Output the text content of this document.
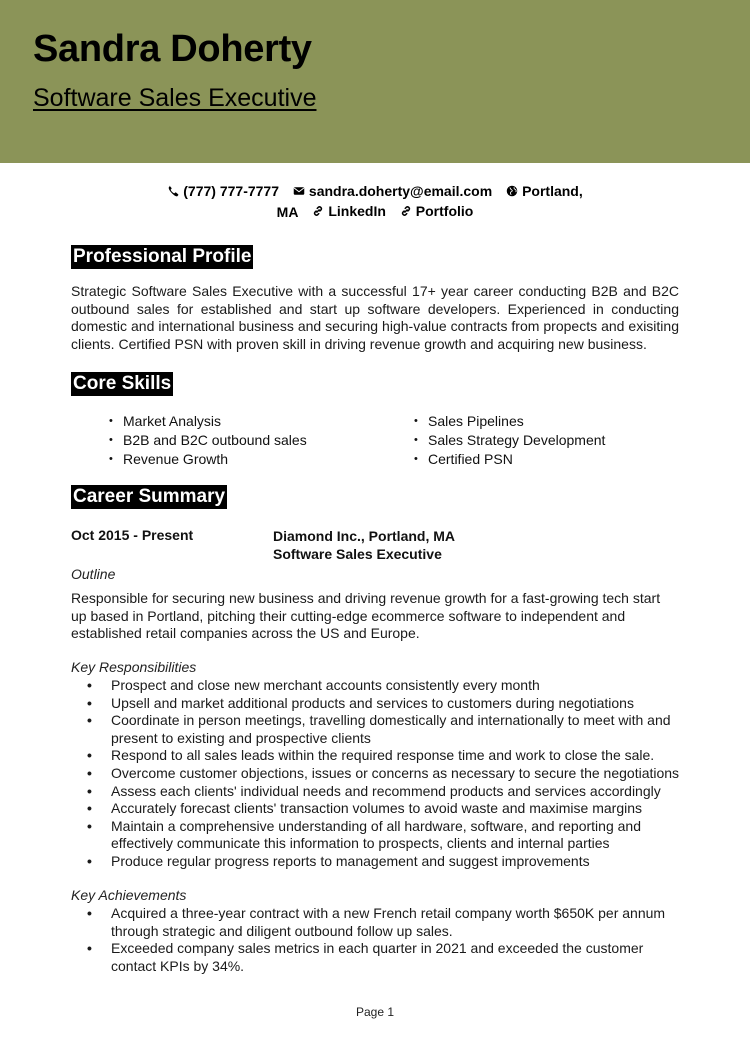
Sandra Doherty
Software Sales Executive
(777) 777-7777
sandra.doherty@email.com
Portland,
MA
LinkedIn
Portfolio
Professional Profile
Strategic Software Sales Executive with a successful 17+ year career conducting B2B and B2C outbound sales for established and start up software developers. Experienced in conducting domestic and international business and securing high-value contracts from propects and exisiting clients. Certified PSN with proven skill in driving revenue growth and acquiring new business.
Core Skills
• Market Analysis
• B2B and B2C outbound sales
• Revenue Growth
• Sales Pipelines
• Sales Strategy Development
• Certified PSN
Career Summary
Oct 2015 - Present	Diamond Inc., Portland, MA
Software Sales Executive
Outline
Responsible for securing new business and driving revenue growth for a fast-growing tech start up based in Portland, pitching their cutting-edge ecommerce software to independent and established retail companies across the US and Europe.
Key Responsibilities
• Prospect and close new merchant accounts consistently every month
• Upsell and market additional products and services to customers during negotiations
• Coordinate in person meetings, travelling domestically and internationally to meet with and present to existing and prospective clients
• Respond to all sales leads within the required response time and work to close the sale.
• Overcome customer objections, issues or concerns as necessary to secure the negotiations
• Assess each clients' individual needs and recommend products and services accordingly
• Accurately forecast clients' transaction volumes to avoid waste and maximise margins
• Maintain a comprehensive understanding of all hardware, software, and reporting and effectively communicate this information to prospects, clients and internal parties
• Produce regular progress reports to management and suggest improvements
Key Achievements
• Acquired a three-year contract with a new French retail company worth $650K per annum through strategic and diligent outbound follow up sales.
• Exceeded company sales metrics in each quarter in 2021 and exceeded the customer contact KPIs by 34%.
Page 1
